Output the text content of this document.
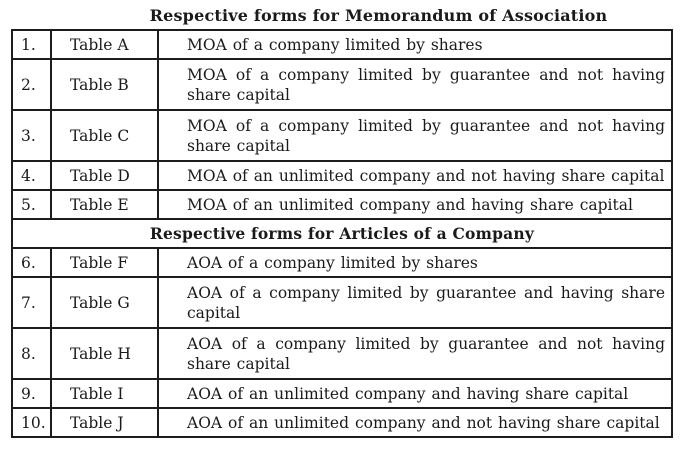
Respective forms for Memorandum of Association
1.	Table A	MOA of a company limited by shares
2.	Table B	MOA of a company limited by guarantee and not having share capital
3.	Table C	MOA of a company limited by guarantee and not having share capital
4.	Table D	MOA of an unlimited company and not having share capital
5.	Table E	MOA of an unlimited company and having share capital
Respective forms for Articles of a Company		
6.	Table F	AOA of a company limited by shares
7.	Table G	AOA of a company limited by guarantee and having share capital
8.	Table H	AOA of a company limited by guarantee and not having share capital
9.	Table I	AOA of an unlimited company and having share capital
10.	Table J	AOA of an unlimited company and not having share capital
